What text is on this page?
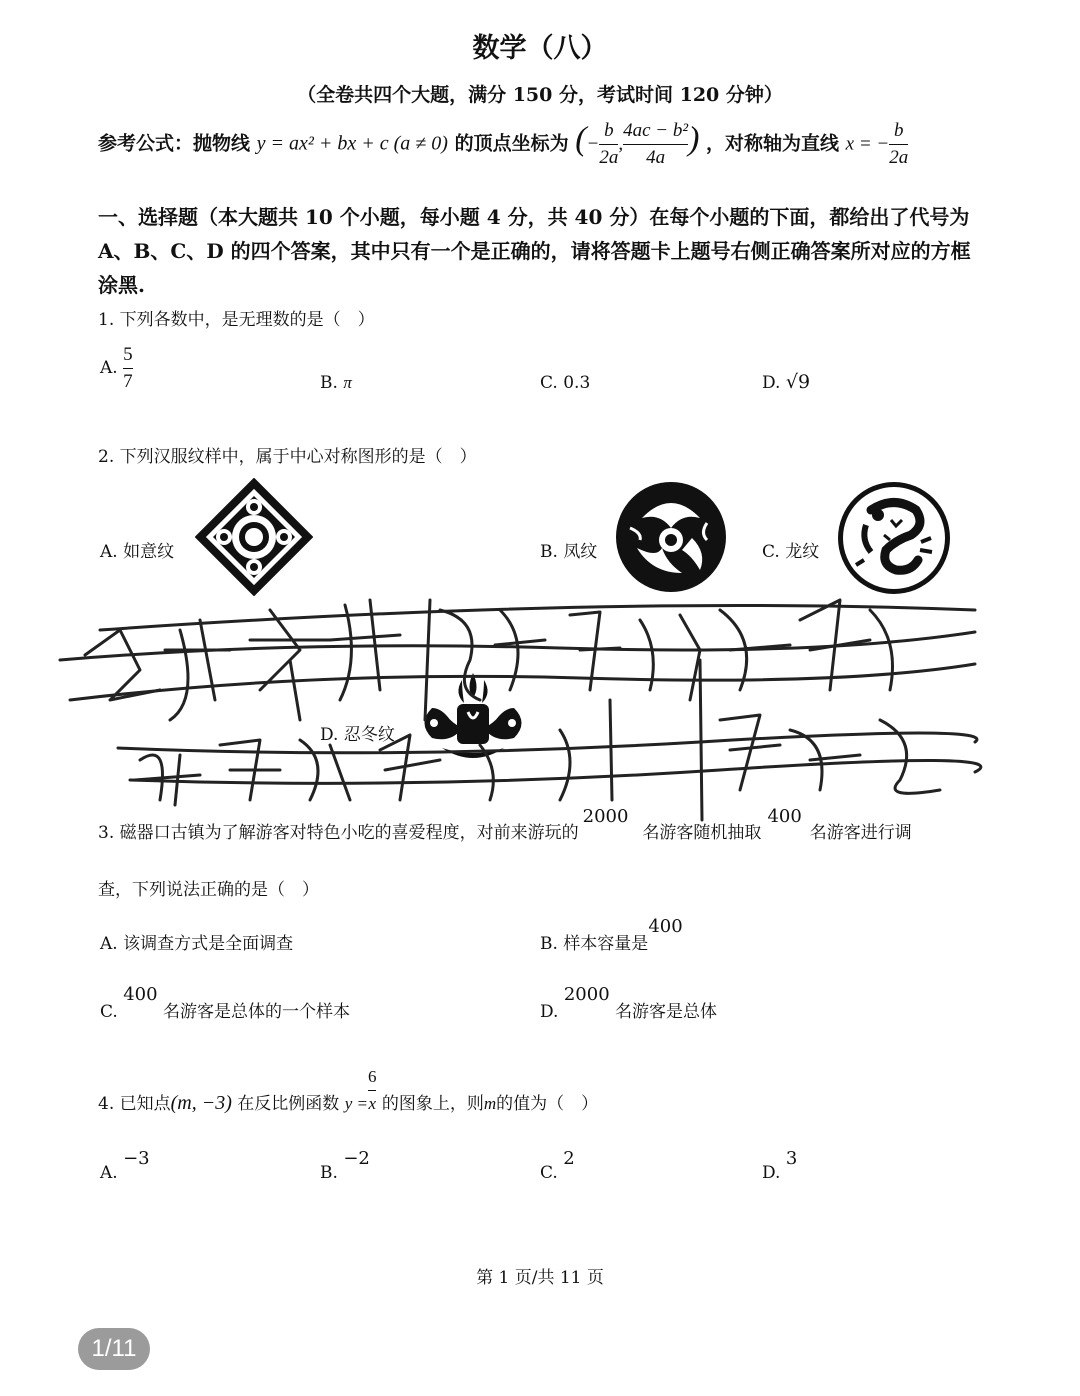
数学（八）
（全卷共四个大题，满分 150 分，考试时间 120 分钟）
参考公式：抛物线 y = ax² + bx + c (a ≠ 0) 的顶点坐标为 (− $\frac{b}{2a}$ , $\frac{\text{4ac − b²}}{4a}$ ) ，对称轴为直线 x = − $\frac{b}{2a}$
一、选择题（本大题共 10 个小题，每小题 4 分，共 40 分）在每个小题的下面，都给出了代号为 A、B、C、D 的四个答案，其中只有一个是正确的，请将答题卡上题号右侧正确答案所对应的方框涂黑.
1. 下列各数中，是无理数的是（　）
A. $\frac{5}{7}$	B. π	C. 0.3	D. √9
2. 下列汉服纹样中，属于中心对称图形的是（　）
A. 如意纹	B. 凤纹	C. 龙纹
D. 忍冬纹
3. 磁器口古镇为了解游客对特色小吃的喜爱程度，对前来游玩的2000名游客随机抽取400名游客进行调
查，下列说法正确的是（　）
A. 该调查方式是全面调查	B. 样本容量是400
C. 400 名游客是总体的一个样本	D. 2000 名游客是总体
4. 已知点(m, −3) 在反比例函数 $y = \frac{6}{x}$ 的图象上，则m的值为（　）
A. −3
B. −2
C. 2
D. 3
第 1 页/共 11 页
1/11
